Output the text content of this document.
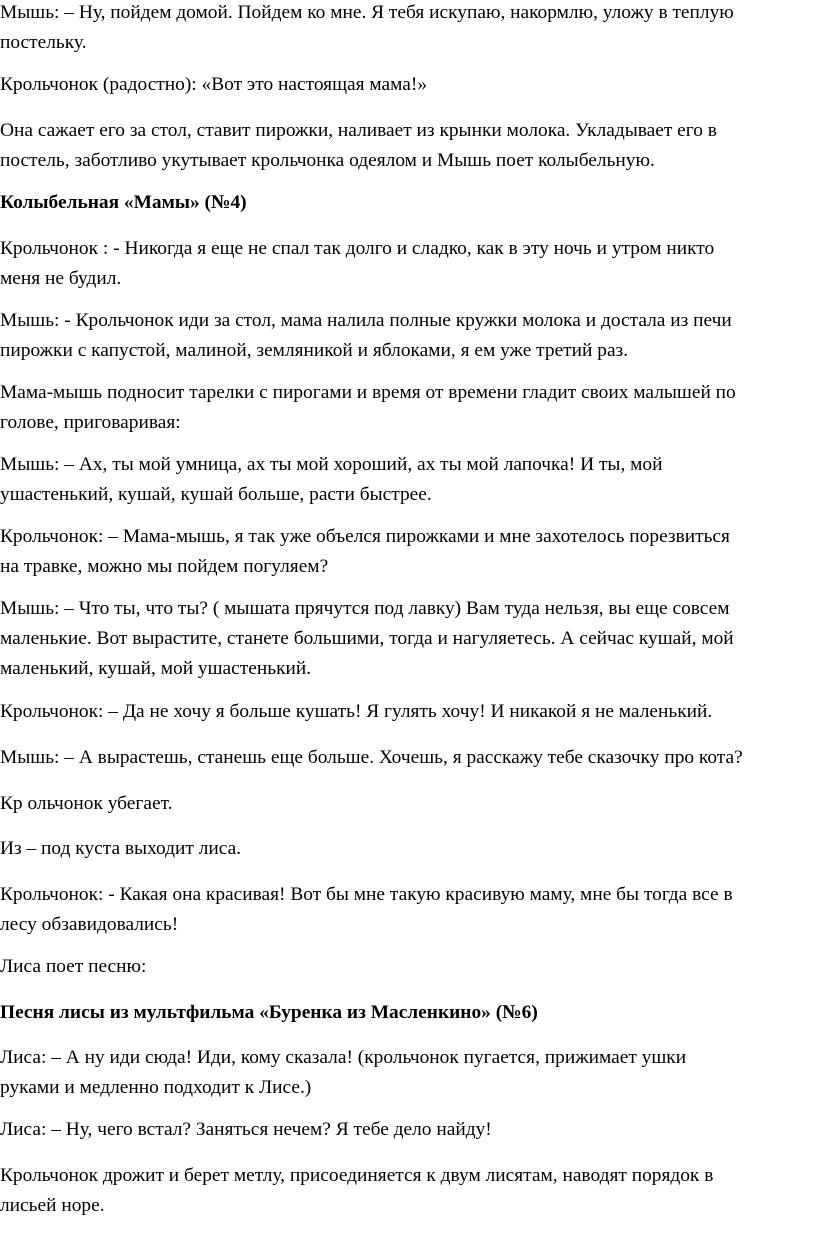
Мышь: – Ну, пойдем домой. Пойдем ко мне. Я тебя искупаю, накормлю, уложу в теплую
постельку.
Крольчонок (радостно): «Вот это настоящая мама!»
Она сажает его за стол, ставит пирожки, наливает из крынки молока. Укладывает его в
постель, заботливо укутывает крольчонка одеялом и Мышь поет колыбельную.
Колыбельная «Мамы» (№4)
Крольчонок : - Никогда я еще не спал так долго и сладко, как в эту ночь и утром никто
меня не будил.
Мышь: - Крольчонок иди за стол, мама налила полные кружки молока и достала из печи
пирожки с капустой, малиной, земляникой и яблоками, я ем уже третий раз.
Мама-мышь подносит тарелки с пирогами и время от времени гладит своих малышей по
голове, приговаривая:
Мышь: – Ах, ты мой умница, ах ты мой хороший, ах ты мой лапочка! И ты, мой
ушастенький, кушай, кушай больше, расти быстрее.
Крольчонок: – Мама-мышь, я так уже объелся пирожками и мне захотелось порезвиться
на травке, можно мы пойдем погуляем?
Мышь: – Что ты, что ты? ( мышата прячутся под лавку) Вам туда нельзя, вы еще совсем
маленькие. Вот вырастите, станете большими, тогда и нагуляетесь. А сейчас кушай, мой
маленький, кушай, мой ушастенький.
Крольчонок: – Да не хочу я больше кушать! Я гулять хочу! И никакой я не маленький.
Мышь: – А вырастешь, станешь еще больше. Хочешь, я расскажу тебе сказочку про кота?
Кр ольчонок убегает.
Из – под куста выходит лиса.
Крольчонок: - Какая она красивая! Вот бы мне такую красивую маму, мне бы тогда все в
лесу обзавидовались!
Лиса поет песню:
Песня лисы из мультфильма «Буренка из Масленкино» (№6)
Лиса: – А ну иди сюда! Иди, кому сказала! (крольчонок пугается, прижимает ушки
руками и медленно подходит к Лисе.)
Лиса: – Ну, чего встал? Заняться нечем? Я тебе дело найду!
Крольчонок дрожит и берет метлу, присоединяется к двум лисятам, наводят порядок в
лисьей норе.
